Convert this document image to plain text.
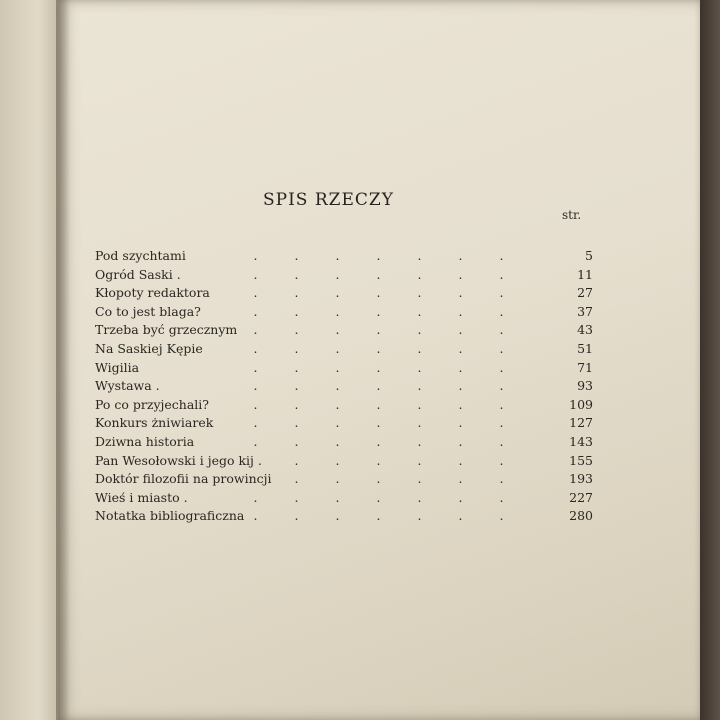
SPIS RZECZY
str.
Pod szychtami	.	.	.	.	.	.	.	5
Ogród Saski .	.	.	.	.	.	.	.	11
Kłopoty redaktora	.	.	.	.	.	.	.	27
Co to jest blaga?	.	.	.	.	.	.	.	37
Trzeba być grzecznym	.	.	.	.	.	.	.	43
Na Saskiej Kępie	.	.	.	.	.	.	.	51
Wigilia	.	.	.	.	.	.	.	71
Wystawa .	.	.	.	.	.	.	.	93
Po co przyjechali?	.	.	.	.	.	.	.	109
Konkurs żniwiarek	.	.	.	.	.	.	.	127
Dziwna historia	.	.	.	.	.	.	.	143
Pan Wesołowski i jego kij .	.	.	.	.	.	.	155
Doktór filozofii na prowincji	.	.	.	.	.	.	193
Wieś i miasto .	.	.	.	.	.	.	.	227
Notatka bibliograficzna .	.	.	.	.	.	.	280
